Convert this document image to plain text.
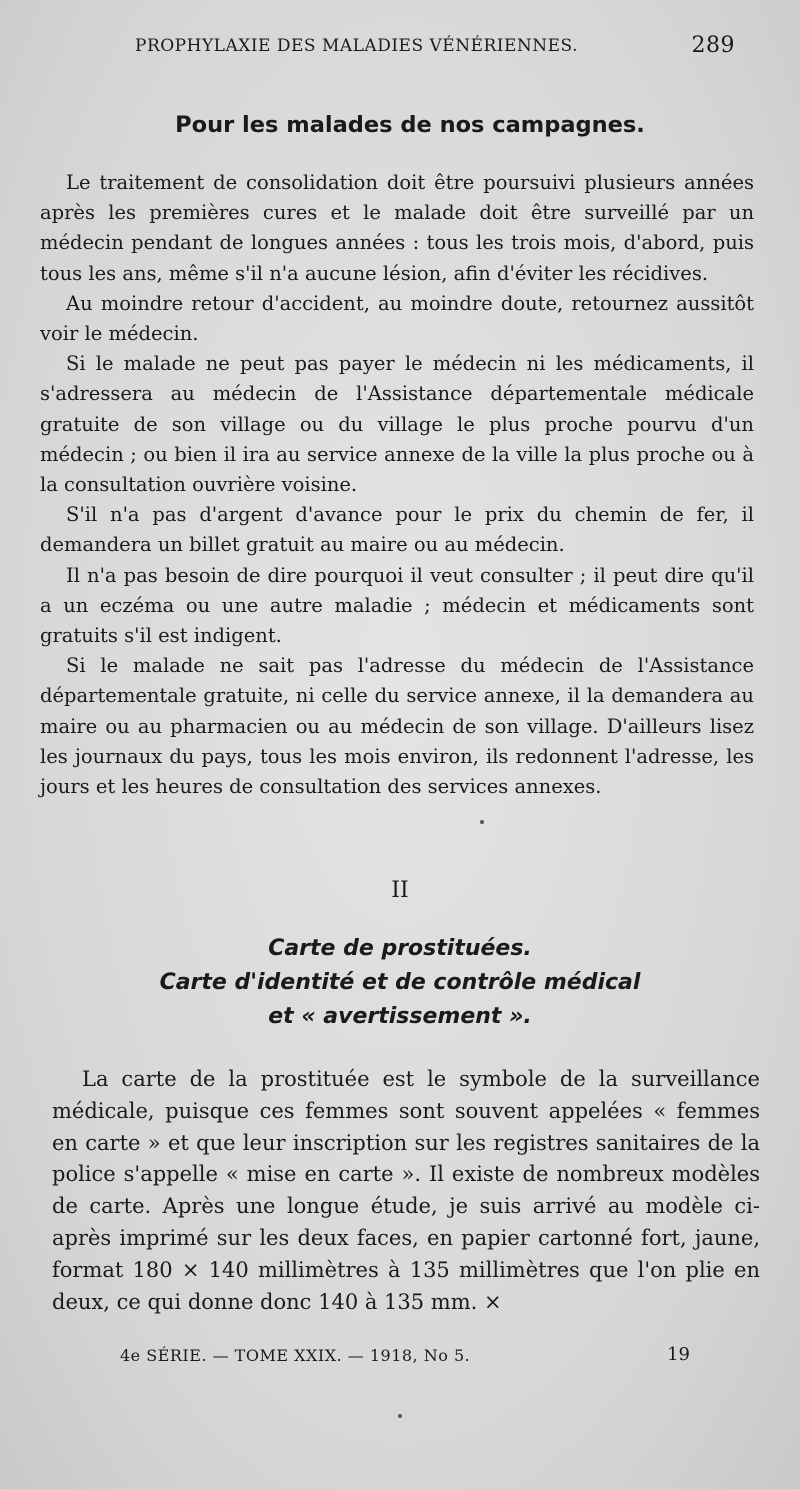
PROPHYLAXIE DES MALADIES VÉNÉRIENNES.	289
Pour les malades de nos campagnes.

Le traitement de consolidation doit être poursuivi plusieurs années après les premières cures et le malade doit être surveillé par un médecin pendant de longues années : tous les trois mois, d'abord, puis tous les ans, même s'il n'a aucune lésion, afin d'éviter les récidives.

Au moindre retour d'accident, au moindre doute, retournez aussitôt voir le médecin.

Si le malade ne peut pas payer le médecin ni les médicaments, il s'adressera au médecin de l'Assistance départementale médicale gratuite de son village ou du village le plus proche pourvu d'un médecin ; ou bien il ira au service annexe de la ville la plus proche ou à la consultation ouvrière voisine.

S'il n'a pas d'argent d'avance pour le prix du chemin de fer, il demandera un billet gratuit au maire ou au médecin.

Il n'a pas besoin de dire pourquoi il veut consulter ; il peut dire qu'il a un eczéma ou une autre maladie ; médecin et médicaments sont gratuits s'il est indigent.

Si le malade ne sait pas l'adresse du médecin de l'Assistance départementale gratuite, ni celle du service annexe, il la demandera au maire ou au pharmacien ou au médecin de son village. D'ailleurs lisez les journaux du pays, tous les mois environ, ils redonnent l'adresse, les jours et les heures de consultation des services annexes.

II
Carte de prostituées.
Carte d'identité et de contrôle médical
et « avertissement ».

La carte de la prostituée est le symbole de la surveillance médicale, puisque ces femmes sont souvent appelées « femmes en carte » et que leur inscription sur les registres sanitaires de la police s'appelle « mise en carte ». Il existe de nombreux modèles de carte. Après une longue étude, je suis arrivé au modèle ci-après imprimé sur les deux faces, en papier cartonné fort, jaune, format 180 × 140 millimètres à 135 millimètres que l'on plie en deux, ce qui donne donc 140 à 135 mm. ×

4e SÉRIE. — TOME XXIX. — 1918, No 5.	19
